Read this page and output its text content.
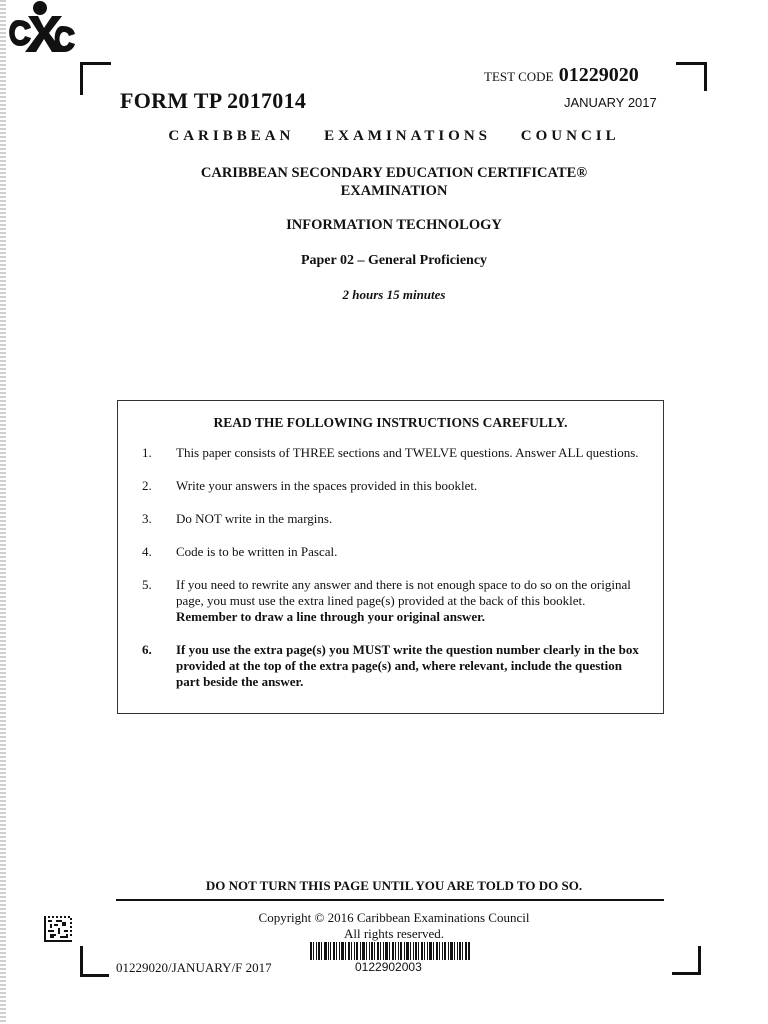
FORM TP 2017014
TEST CODE 01229020
JANUARY 2017
CARIBBEAN EXAMINATIONS COUNCIL
CARIBBEAN SECONDARY EDUCATION CERTIFICATE®
EXAMINATION
INFORMATION TECHNOLOGY
Paper 02 – General Proficiency
2 hours 15 minutes
READ THE FOLLOWING INSTRUCTIONS CAREFULLY.
1. This paper consists of THREE sections and TWELVE questions. Answer ALL questions.
2. Write your answers in the spaces provided in this booklet.
3. Do NOT write in the margins.
4. Code is to be written in Pascal.
5. If you need to rewrite any answer and there is not enough space to do so on the original page, you must use the extra lined page(s) provided at the back of this booklet. Remember to draw a line through your original answer.
6. If you use the extra page(s) you MUST write the question number clearly in the box provided at the top of the extra page(s) and, where relevant, include the question part beside the answer.
DO NOT TURN THIS PAGE UNTIL YOU ARE TOLD TO DO SO.
Copyright © 2016 Caribbean Examinations Council
All rights reserved.
0122902003
01229020/JANUARY/F 2017
